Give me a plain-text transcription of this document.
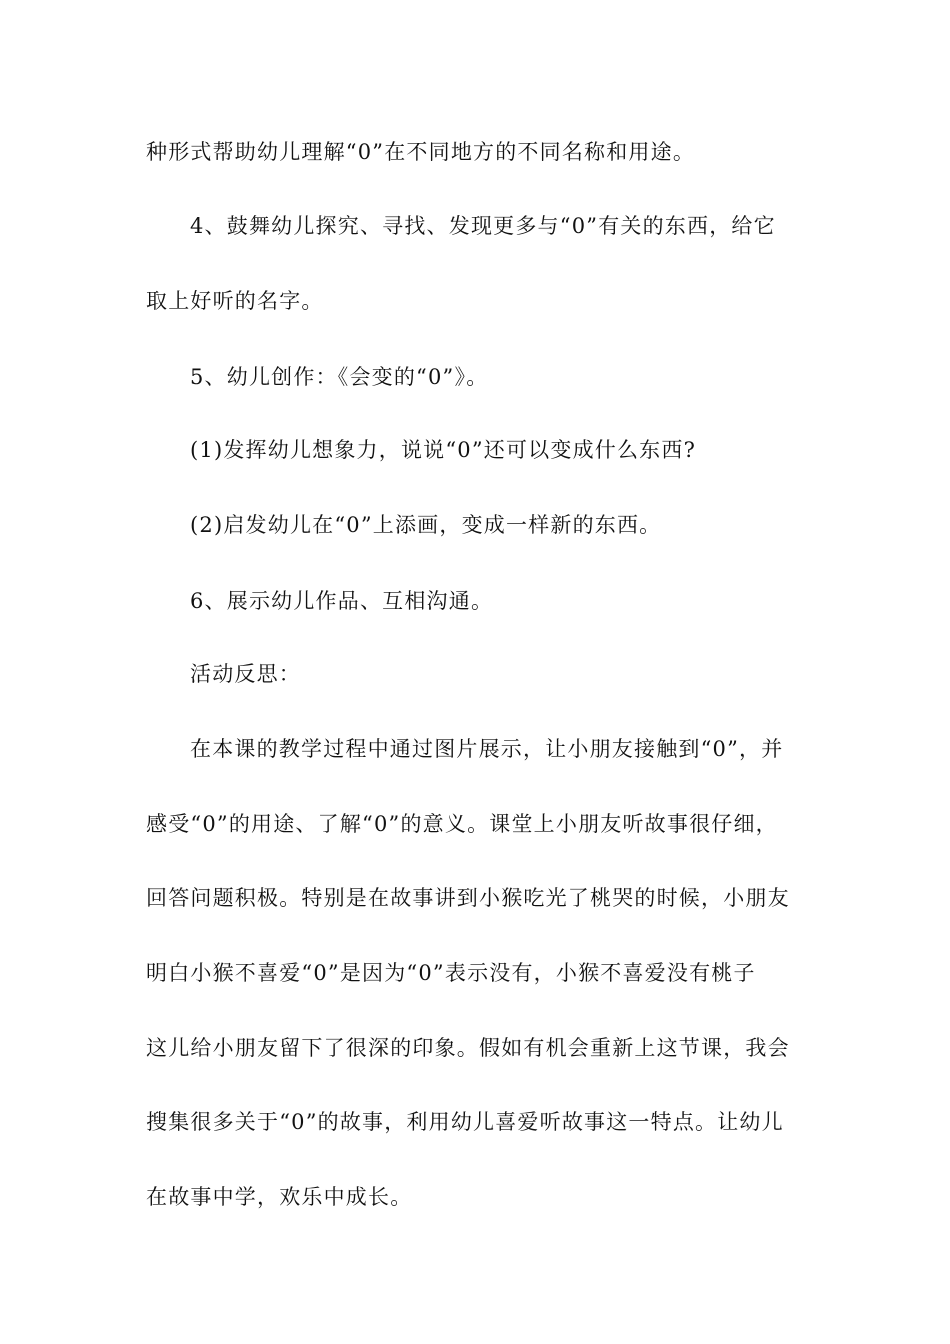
种形式帮助幼儿理解“0”在不同地方的不同名称和用途。
4、鼓舞幼儿探究、寻找、发现更多与“0”有关的东西，给它
取上好听的名字。
5、幼儿创作：《会变的“0”》。
(1)发挥幼儿想象力，说说“0”还可以变成什么东西?
(2)启发幼儿在“0”上添画，变成一样新的东西。
6、展示幼儿作品、互相沟通。
活动反思：
在本课的教学过程中通过图片展示，让小朋友接触到“0”，并
感受“0”的用途、了解“0”的意义。课堂上小朋友听故事很仔细，
回答问题积极。特别是在故事讲到小猴吃光了桃哭的时候，小朋友
明白小猴不喜爱“0”是因为“0”表示没有，小猴不喜爱没有桃子
这儿给小朋友留下了很深的印象。假如有机会重新上这节课，我会
搜集很多关于“0”的故事，利用幼儿喜爱听故事这一特点。让幼儿
在故事中学，欢乐中成长。
